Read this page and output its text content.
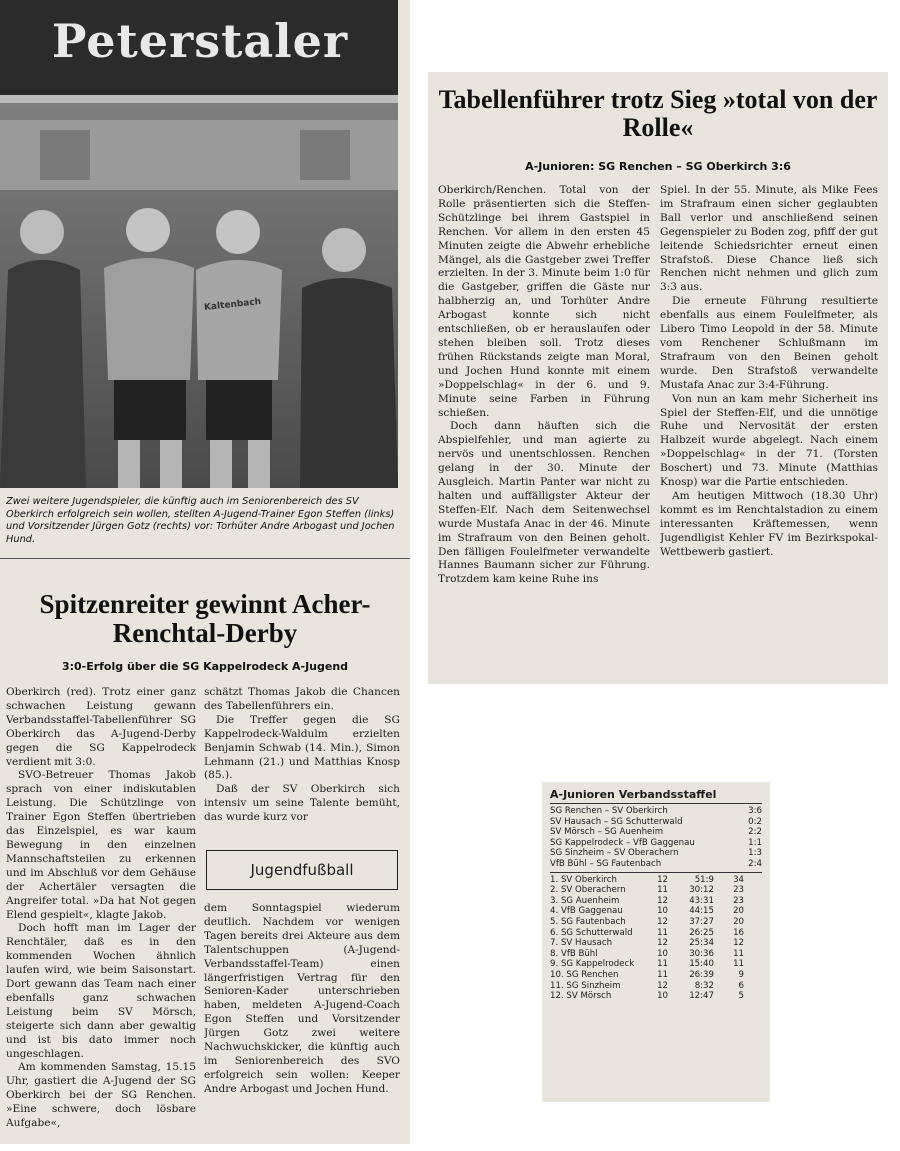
Peterstaler
Kaltenbach
Zwei weitere Jugendspieler, die künftig auch im Seniorenbereich des SV Oberkirch erfolgreich sein wollen, stellten A-Jugend-Trainer Egon Steffen (links) und Vorsitzender Jürgen Gotz (rechts) vor: Torhüter Andre Arbogast und Jochen Hund.
Spitzenreiter gewinnt Acher-Renchtal-Derby
3:0-Erfolg über die SG Kappelrodeck A-Jugend

Oberkirch (red). Trotz einer ganz schwachen Leistung gewann Verbandsstaffel-Tabellenführer SG Oberkirch das A-Jugend-Derby gegen die SG Kappelrodeck verdient mit 3:0.

SVO-Betreuer Thomas Jakob sprach von einer indiskutablen Leistung. Die Schützlinge von Trainer Egon Steffen übertrieben das Einzelspiel, es war kaum Bewegung in den einzelnen Mannschaftsteilen zu erkennen und im Abschluß vor dem Gehäuse der Achertäler versagten die Angreifer total. »Da hat Not gegen Elend gespielt«, klagte Jakob.

Doch hofft man im Lager der Renchtäler, daß es in den kommenden Wochen ähnlich laufen wird, wie beim Saisonstart. Dort gewann das Team nach einer ebenfalls ganz schwachen Leistung beim SV Mörsch, steigerte sich dann aber gewaltig und ist bis dato immer noch ungeschlagen.

Am kommenden Samstag, 15.15 Uhr, gastiert die A-Jugend der SG Oberkirch bei der SG Renchen. »Eine schwere, doch lösbare Aufgabe«,

schätzt Thomas Jakob die Chancen des Tabellenführers ein.

Die Treffer gegen die SG Kappelrodeck-Waldulm erzielten Benjamin Schwab (14. Min.), Simon Lehmann (21.) und Matthias Knosp (85.).

Daß der SV Oberkirch sich intensiv um seine Talente bemüht, das wurde kurz vor

Jugendfußball

dem Sonntagspiel wiederum deutlich. Nachdem vor wenigen Tagen bereits drei Akteure aus dem Talentschuppen (A-Jugend-Verbandsstaffel-Team) einen längerfristigen Vertrag für den Senioren-Kader unterschrieben haben, meldeten A-Jugend-Coach Egon Steffen und Vorsitzender Jürgen Gotz zwei weitere Nachwuchskicker, die künftig auch im Seniorenbereich des SVO erfolgreich sein wollen: Keeper Andre Arbogast und Jochen Hund.

Tabellenführer trotz Sieg »total von der Rolle«
A-Junioren: SG Renchen – SG Oberkirch 3:6

Oberkirch/Renchen. Total von der Rolle präsentierten sich die Steffen-Schützlinge bei ihrem Gastspiel in Renchen. Vor allem in den ersten 45 Minuten zeigte die Abwehr erhebliche Mängel, als die Gastgeber zwei Treffer erzielten. In der 3. Minute beim 1:0 für die Gastgeber, griffen die Gäste nur halbherzig an, und Torhüter Andre Arbogast konnte sich nicht entschließen, ob er herauslaufen oder stehen bleiben soll. Trotz dieses frühen Rückstands zeigte man Moral, und Jochen Hund konnte mit einem »Doppelschlag« in der 6. und 9. Minute seine Farben in Führung schießen.

Doch dann häuften sich die Abspielfehler, und man agierte zu nervös und unentschlossen. Renchen gelang in der 30. Minute der Ausgleich. Martin Panter war nicht zu halten und auffälligster Akteur der Steffen-Elf. Nach dem Seitenwechsel wurde Mustafa Anac in der 46. Minute im Strafraum von den Beinen geholt. Den fälligen Foulelfmeter verwandelte Hannes Baumann sicher zur Führung. Trotzdem kam keine Ruhe ins

Spiel. In der 55. Minute, als Mike Fees im Strafraum einen sicher geglaubten Ball verlor und anschließend seinen Gegenspieler zu Boden zog, pfiff der gut leitende Schiedsrichter erneut einen Strafstoß. Diese Chance ließ sich Renchen nicht nehmen und glich zum 3:3 aus.

Die erneute Führung resultierte ebenfalls aus einem Foulelfmeter, als Libero Timo Leopold in der 58. Minute vom Renchener Schlußmann im Strafraum von den Beinen geholt wurde. Den Strafstoß verwandelte Mustafa Anac zur 3:4-Führung.

Von nun an kam mehr Sicherheit ins Spiel der Steffen-Elf, und die unnötige Ruhe und Nervosität der ersten Halbzeit wurde abgelegt. Nach einem »Doppelschlag« in der 71. (Torsten Boschert) und 73. Minute (Matthias Knosp) war die Partie entschieden.

Am heutigen Mittwoch (18.30 Uhr) kommt es im Renchtalstadion zu einem interessanten Kräftemessen, wenn Jugendligist Kehler FV im Bezirkspokal-Wettbewerb gastiert.

A-Junioren Verbandsstaffel
SG Renchen – SV Oberkirch	3:6
SV Hausach – SG Schutterwald	0:2
SV Mörsch – SG Auenheim	2:2
SG Kappelrodeck – VfB Gaggenau	1:1
SG Sinzheim – SV Oberachern	1:3
VfB Bühl – SG Fautenbach	2:4
1. SV Oberkirch	12	51:9	34
2. SV Oberachern	11	30:12	23
3. SG Auenheim	12	43:31	23
4. VfB Gaggenau	10	44:15	20
5. SG Fautenbach	12	37:27	20
6. SG Schutterwald	11	26:25	16
7. SV Hausach	12	25:34	12
8. VfB Bühl	10	30:36	11
9. SG Kappelrodeck	11	15:40	11
10. SG Renchen	11	26:39	9
11. SG Sinzheim	12	8:32	6
12. SV Mörsch	10	12:47	5
